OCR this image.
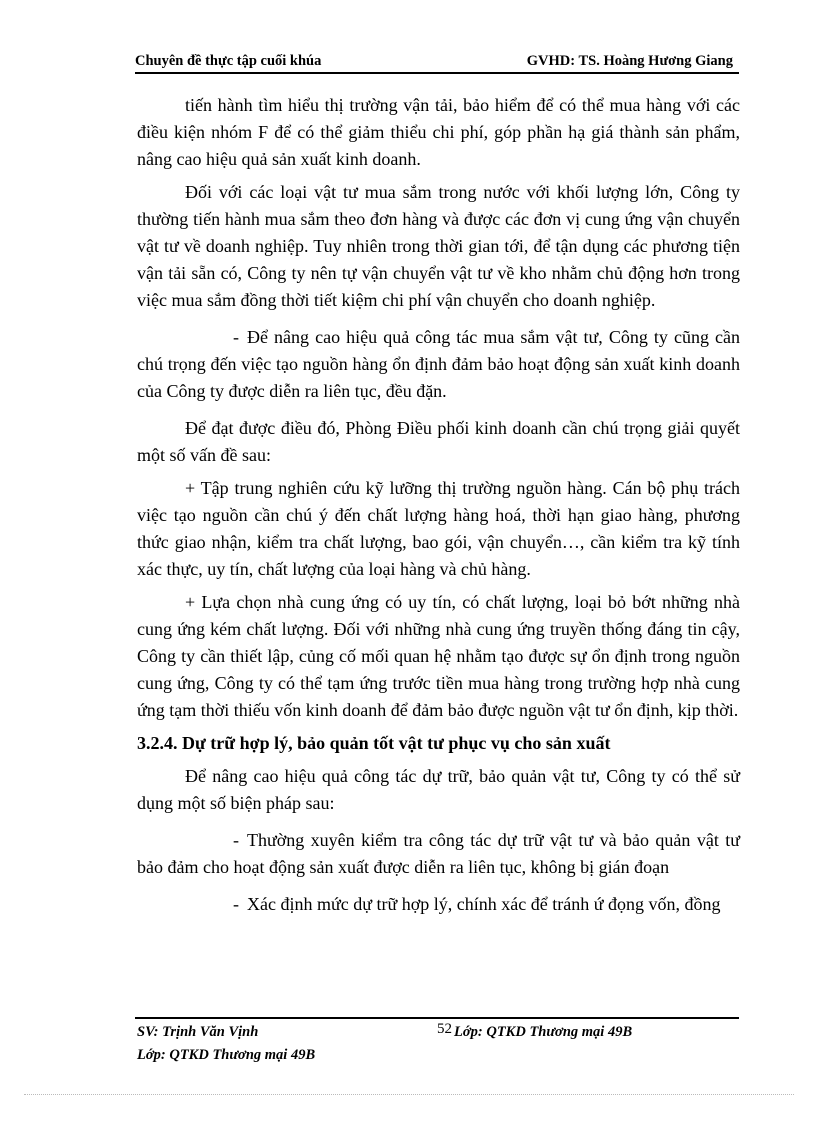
Chuyên đề thực tập cuối khúa	GVHD: TS. Hoàng Hương Giang

tiến hành tìm hiểu thị trường vận tải, bảo hiểm để có thể mua hàng với các điều kiện nhóm F để có thể giảm thiểu chi phí, góp phần hạ giá thành sản phẩm, nâng cao hiệu quả sản xuất kinh doanh.

Đối với các loại vật tư mua sắm trong nước với khối lượng lớn, Công ty thường tiến hành mua sắm theo đơn hàng và được các đơn vị cung ứng vận chuyển vật tư về doanh nghiệp. Tuy nhiên trong thời gian tới, để tận dụng các phương tiện vận tải sẵn có, Công ty nên tự vận chuyển vật tư về kho nhằm chủ động hơn trong việc mua sắm đồng thời tiết kiệm chi phí vận chuyển cho doanh nghiệp.

- Để nâng cao hiệu quả công tác mua sắm vật tư, Công ty cũng cần chú trọng đến việc tạo nguồn hàng ổn định đảm bảo hoạt động sản xuất kinh doanh của Công ty được diễn ra liên tục, đều đặn.

Để đạt được điều đó, Phòng Điều phối kinh doanh cần chú trọng giải quyết một số vấn đề sau:

+ Tập trung nghiên cứu kỹ lưỡng thị trường nguồn hàng. Cán bộ phụ trách việc tạo nguồn cần chú ý đến chất lượng hàng hoá, thời hạn giao hàng, phương thức giao nhận, kiểm tra chất lượng, bao gói, vận chuyển…, cần kiểm tra kỹ tính xác thực, uy tín, chất lượng của loại hàng và chủ hàng.

+ Lựa chọn nhà cung ứng có uy tín, có chất lượng, loại bỏ bớt những nhà cung ứng kém chất lượng. Đối với những nhà cung ứng truyền thống đáng tin cậy, Công ty cần thiết lập, củng cố mối quan hệ nhằm tạo được sự ổn định trong nguồn cung ứng, Công ty có thể tạm ứng trước tiền mua hàng trong trường hợp nhà cung ứng tạm thời thiếu vốn kinh doanh để đảm bảo được nguồn vật tư ổn định, kịp thời.

3.2.4. Dự trữ hợp lý, bảo quản tốt vật tư phục vụ cho sản xuất

Để nâng cao hiệu quả công tác dự trữ, bảo quản vật tư, Công ty có thể sử dụng một số biện pháp sau:

- Thường xuyên kiểm tra công tác dự trữ vật tư và bảo quản vật tư bảo đảm cho hoạt động sản xuất được diễn ra liên tục, không bị gián đoạn

- Xác định mức dự trữ hợp lý, chính xác để tránh ứ đọng vốn, đồng

SV: Trịnh Văn Vịnh	52 Lớp: QTKD Thương mại 49B
Lớp: QTKD Thương mại 49B
